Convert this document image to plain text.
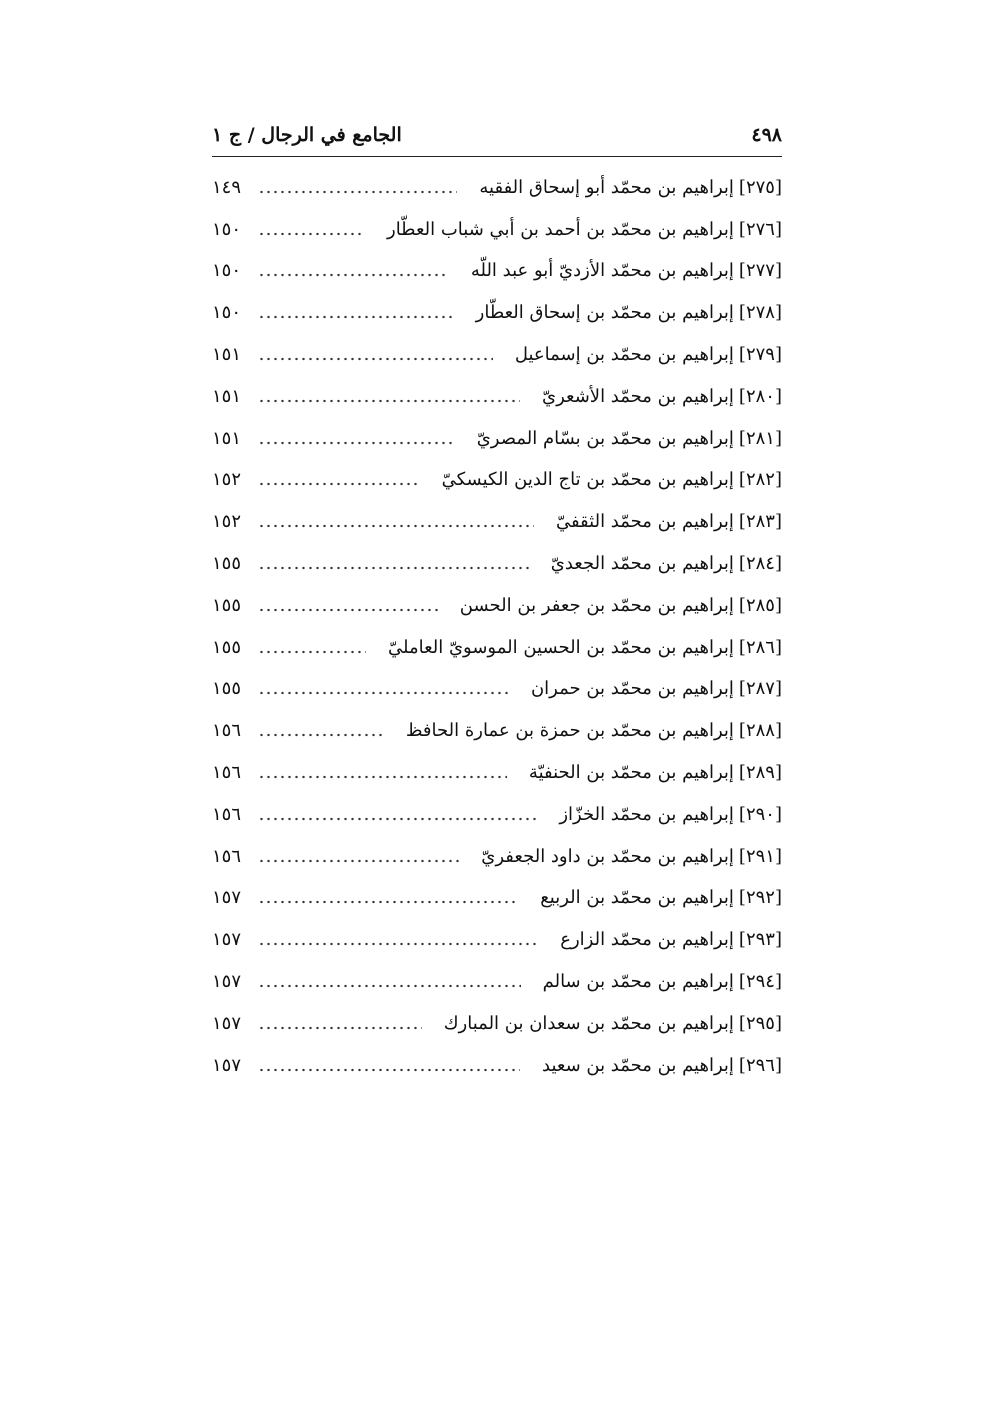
٤٩٨
الجامع في الرجال / ج ١
[٢٧٥]
إبراهيم بن محمّد أبو إسحاق الفقيه
١٤٩
[٢٧٦]
إبراهيم بن محمّد بن أحمد بن أبي شباب العطّار
١٥٠
[٢٧٧]
إبراهيم بن محمّد الأزديّ أبو عبد اللّه
١٥٠
[٢٧٨]
إبراهيم بن محمّد بن إسحاق العطّار
١٥٠
[٢٧٩]
إبراهيم بن محمّد بن إسماعيل
١٥١
[٢٨٠]
إبراهيم بن محمّد الأشعريّ
١٥١
[٢٨١]
إبراهيم بن محمّد بن بسّام المصريّ
١٥١
[٢٨٢]
إبراهيم بن محمّد بن تاج الدين الكيسكيّ
١٥٢
[٢٨٣]
إبراهيم بن محمّد الثقفيّ
١٥٢
[٢٨٤]
إبراهيم بن محمّد الجعديّ
١٥٥
[٢٨٥]
إبراهيم بن محمّد بن جعفر بن الحسن
١٥٥
[٢٨٦]
إبراهيم بن محمّد بن الحسين الموسويّ العامليّ
١٥٥
[٢٨٧]
إبراهيم بن محمّد بن حمران
١٥٥
[٢٨٨]
إبراهيم بن محمّد بن حمزة بن عمارة الحافظ
١٥٦
[٢٨٩]
إبراهيم بن محمّد بن الحنفيّة
١٥٦
[٢٩٠]
إبراهيم بن محمّد الخزّاز
١٥٦
[٢٩١]
إبراهيم بن محمّد بن داود الجعفريّ
١٥٦
[٢٩٢]
إبراهيم بن محمّد بن الربيع
١٥٧
[٢٩٣]
إبراهيم بن محمّد الزارع
١٥٧
[٢٩٤]
إبراهيم بن محمّد بن سالم
١٥٧
[٢٩٥]
إبراهيم بن محمّد بن سعدان بن المبارك
١٥٧
[٢٩٦]
إبراهيم بن محمّد بن سعيد
١٥٧
